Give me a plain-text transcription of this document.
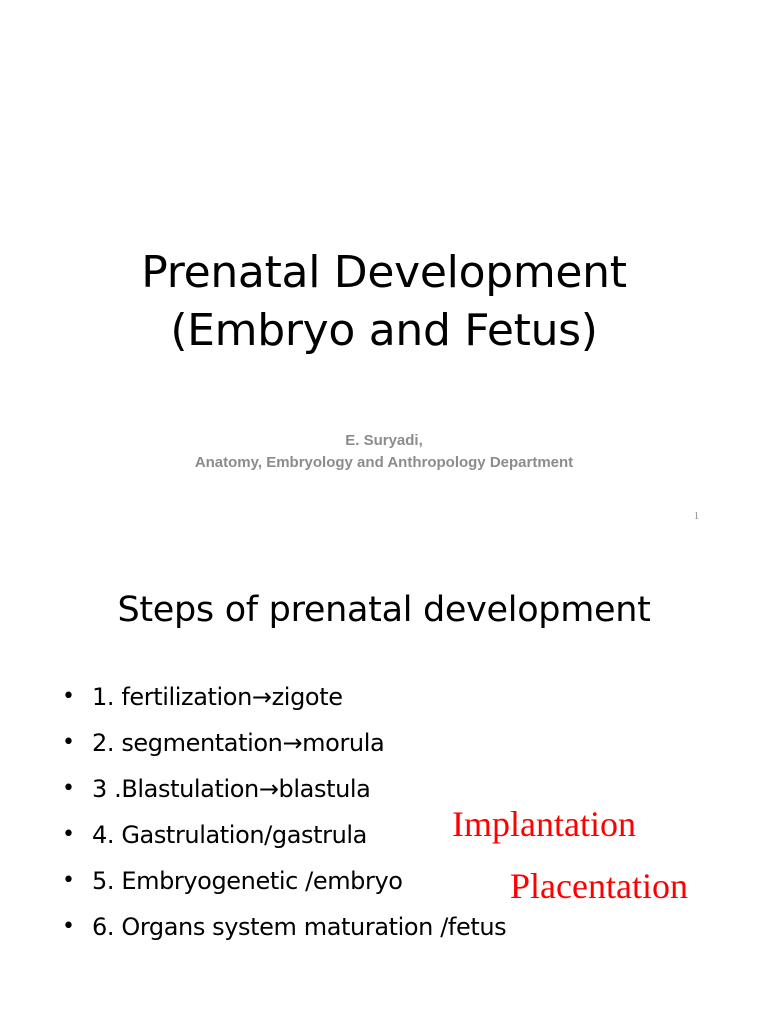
Prenatal Development
(Embryo and Fetus)
E. Suryadi,
Anatomy, Embryology and Anthropology Department
1
Steps of prenatal development
• 1. fertilization→zigote
• 2. segmentation→morula
• 3 .Blastulation→blastula
• 4. Gastrulation/gastrula
• 5. Embryogenetic /embryo
• 6. Organs system maturation /fetus
Implantation
Placentation
